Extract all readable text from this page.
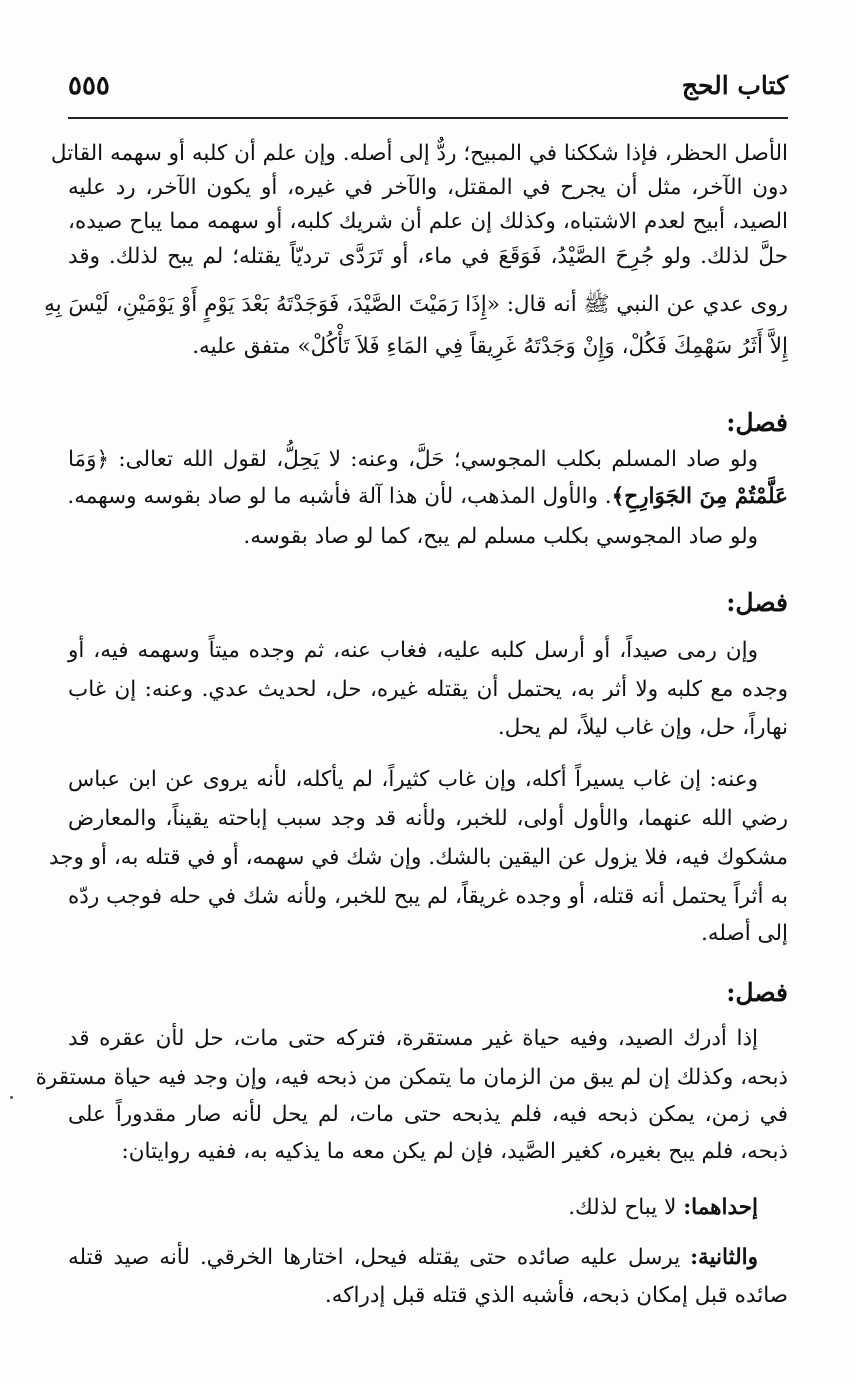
كتاب الحج
٥٥٥
الأصل الحظر، فإذا شككنا في المبيح؛ ردٌّ إلى أصله. وإن علم أن كلبه أو سهمه القاتل
دون الآخر، مثل أن يجرح في المقتل، والآخر في غيره، أو يكون الآخر، رد عليه
الصيد، أبيح لعدم الاشتباه، وكذلك إن علم أن شريك كلبه، أو سهمه مما يباح صيده،
حلَّ لذلك. ولو جُرِحَ الصَّيْدُ، فَوَقَعَ في ماء، أو تَرَدَّى ترديّاً يقتله؛ لم يبح لذلك. وقد
روى عدي عن النبي ﷺ أنه قال: «إِذَا رَمَيْتَ الصَّيْدَ، فَوَجَدْتَهُ بَعْدَ يَوْمٍ أَوْ يَوْمَيْنِ، لَيْسَ بِهِ
إِلاَّ أَثَرُ سَهْمِكَ فَكُلْ، وَإِنْ وَجَدْتَهُ غَرِيقاً فِي المَاءِ فَلاَ تَأْكُلْ» متفق عليه.
فصل:
ولو صاد المسلم بكلب المجوسي؛ حَلَّ، وعنه: لا يَحِلُّ، لقول الله تعالى: ﴿وَمَا
عَلَّمْتُمْ مِنَ الجَوَارِحِ﴾. والأول المذهب، لأن هذا آلة فأشبه ما لو صاد بقوسه وسهمه.
ولو صاد المجوسي بكلب مسلم لم يبح، كما لو صاد بقوسه.
فصل:
وإن رمى صيداً، أو أرسل كلبه عليه، فغاب عنه، ثم وجده ميتاً وسهمه فيه، أو
وجده مع كلبه ولا أثر به، يحتمل أن يقتله غيره، حل، لحديث عدي. وعنه: إن غاب
نهاراً، حل، وإن غاب ليلاً، لم يحل.
وعنه: إن غاب يسيراً أكله، وإن غاب كثيراً، لم يأكله، لأنه يروى عن ابن عباس
رضي الله عنهما، والأول أولى، للخبر، ولأنه قد وجد سبب إباحته يقيناً، والمعارض
مشكوك فيه، فلا يزول عن اليقين بالشك. وإن شك في سهمه، أو في قتله به، أو وجد
به أثراً يحتمل أنه قتله، أو وجده غريقاً، لم يبح للخبر، ولأنه شك في حله فوجب ردّه
إلى أصله.
فصل:
إذا أدرك الصيد، وفيه حياة غير مستقرة، فتركه حتى مات، حل لأن عقره قد
ذبحه، وكذلك إن لم يبق من الزمان ما يتمكن من ذبحه فيه، وإن وجد فيه حياة مستقرة
في زمن، يمكن ذبحه فيه، فلم يذبحه حتى مات، لم يحل لأنه صار مقدوراً على
ذبحه، فلم يبح بغيره، كغير الصَّيد، فإن لم يكن معه ما يذكيه به، ففيه روايتان:
إحداهما: لا يباح لذلك.
والثانية: يرسل عليه صائده حتى يقتله فيحل، اختارها الخرقي. لأنه صيد قتله
صائده قبل إمكان ذبحه، فأشبه الذي قتله قبل إدراكه.
